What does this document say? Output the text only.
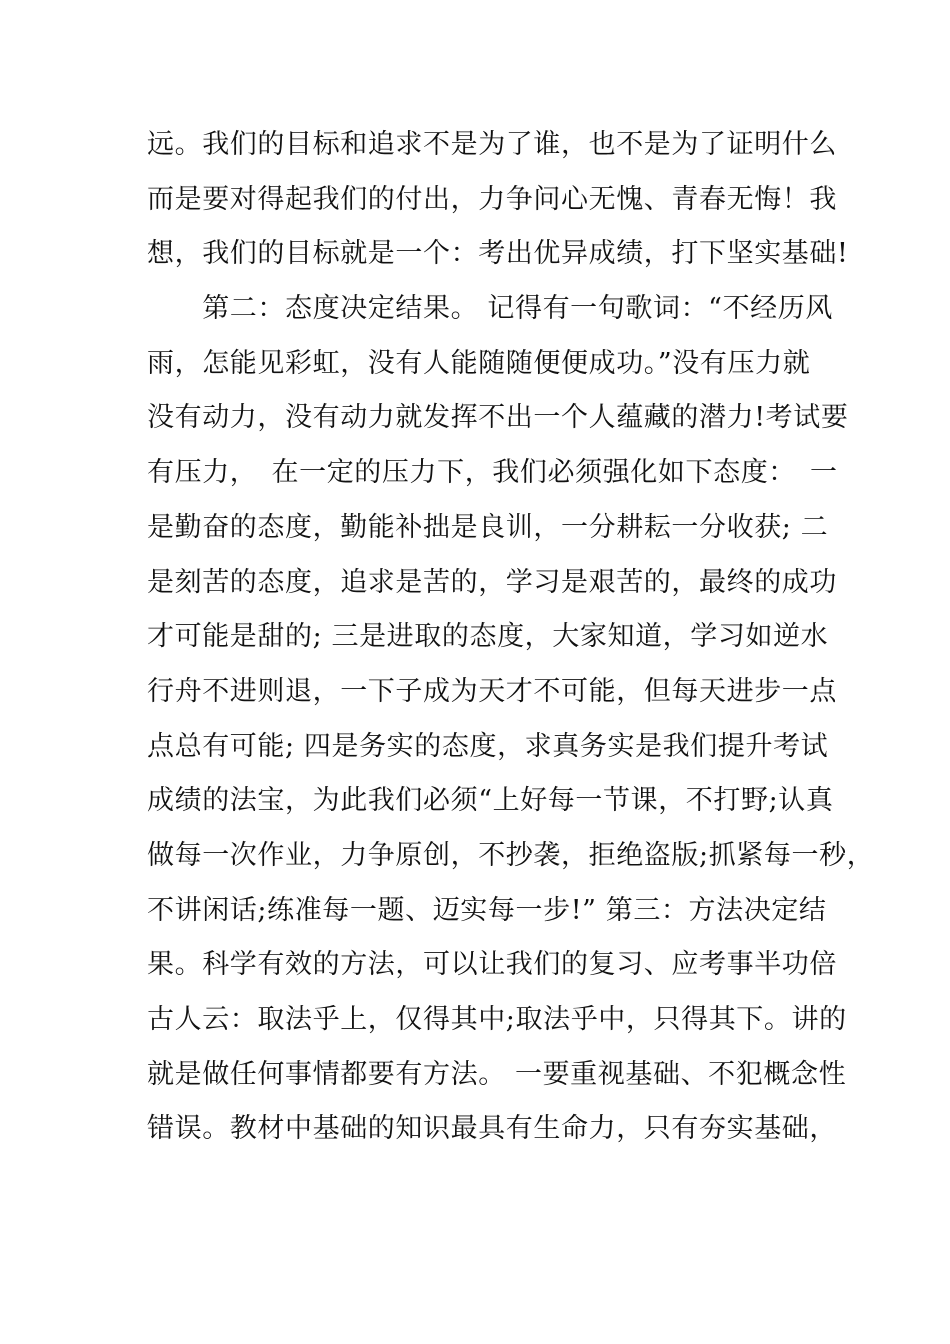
远。我们的目标和追求不是为了谁，也不是为了证明什么
而是要对得起我们的付出，力争问心无愧、青春无悔！我
想，我们的目标就是一个：考出优异成绩，打下坚实基础!
　　第二：态度决定结果。 记得有一句歌词：“不经历风
雨，怎能见彩虹，没有人能随随便便成功。”没有压力就
没有动力，没有动力就发挥不出一个人蕴藏的潜力!考试要
有压力，　在一定的压力下，我们必须强化如下态度：　一
是勤奋的态度，勤能补拙是良训，一分耕耘一分收获; 二
是刻苦的态度，追求是苦的，学习是艰苦的，最终的成功
才可能是甜的; 三是进取的态度，大家知道，学习如逆水
行舟不进则退，一下子成为天才不可能，但每天进步一点
点总有可能; 四是务实的态度，求真务实是我们提升考试
成绩的法宝，为此我们必须“上好每一节课，不打野;认真
做每一次作业，力争原创，不抄袭，拒绝盗版;抓紧每一秒，
不讲闲话;练准每一题、迈实每一步!” 第三：方法决定结
果。科学有效的方法，可以让我们的复习、应考事半功倍
古人云：取法乎上，仅得其中;取法乎中，只得其下。讲的
就是做任何事情都要有方法。 一要重视基础、不犯概念性
错误。教材中基础的知识最具有生命力，只有夯实基础，
